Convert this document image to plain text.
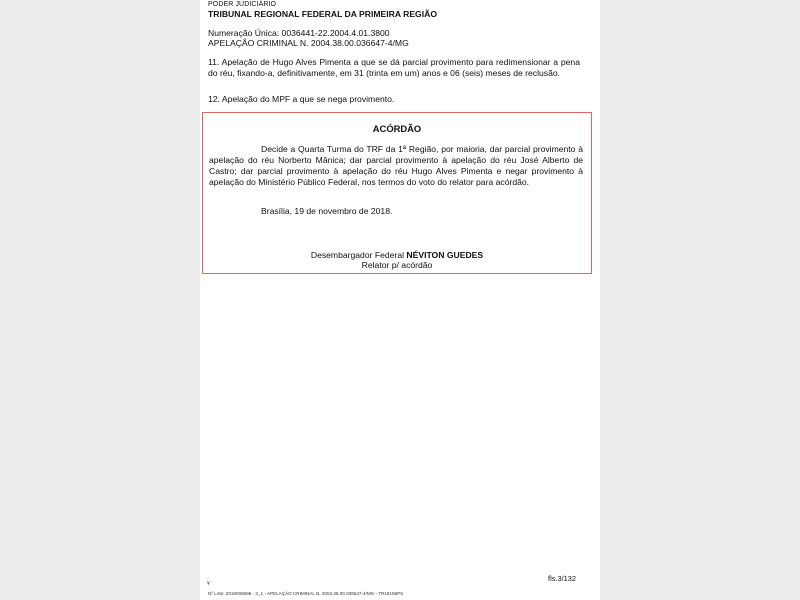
PODER JUDICIÁRIO
TRIBUNAL REGIONAL FEDERAL DA PRIMEIRA REGIÃO
Numeração Única: 0036441-22.2004.4.01.3800
APELAÇÃO CRIMINAL N. 2004.38.00.036647-4/MG
11. Apelação de Hugo Alves Pimenta a que se dá parcial provimento para redimensionar a pena do réu, fixando-a, definitivamente, em 31 (trinta em um) anos e 06 (seis) meses de reclusão.
12. Apelação do MPF a que se nega provimento.
ACÓRDÃO
Decide a Quarta Turma do TRF da 1ª Região, por maioria, dar parcial provimento à apelação do réu Norberto Mânica; dar parcial provimento à apelação do réu José Alberto de Castro; dar parcial provimento à apelação do réu Hugo Alves Pimenta e negar provimento à apelação do Ministério Público Federal, nos termos do voto do relator para acórdão.
Brasília, 19 de novembro de 2018.
Desembargador Federal NÉVITON GUEDES
Relator p/ acórdão
¥
fls.3/132
Nº Lote: 2019006696 - 3_1 - APELAÇÃO CRIMINAL N. 2004.38.00.036647-4/MG - TR19158PS
